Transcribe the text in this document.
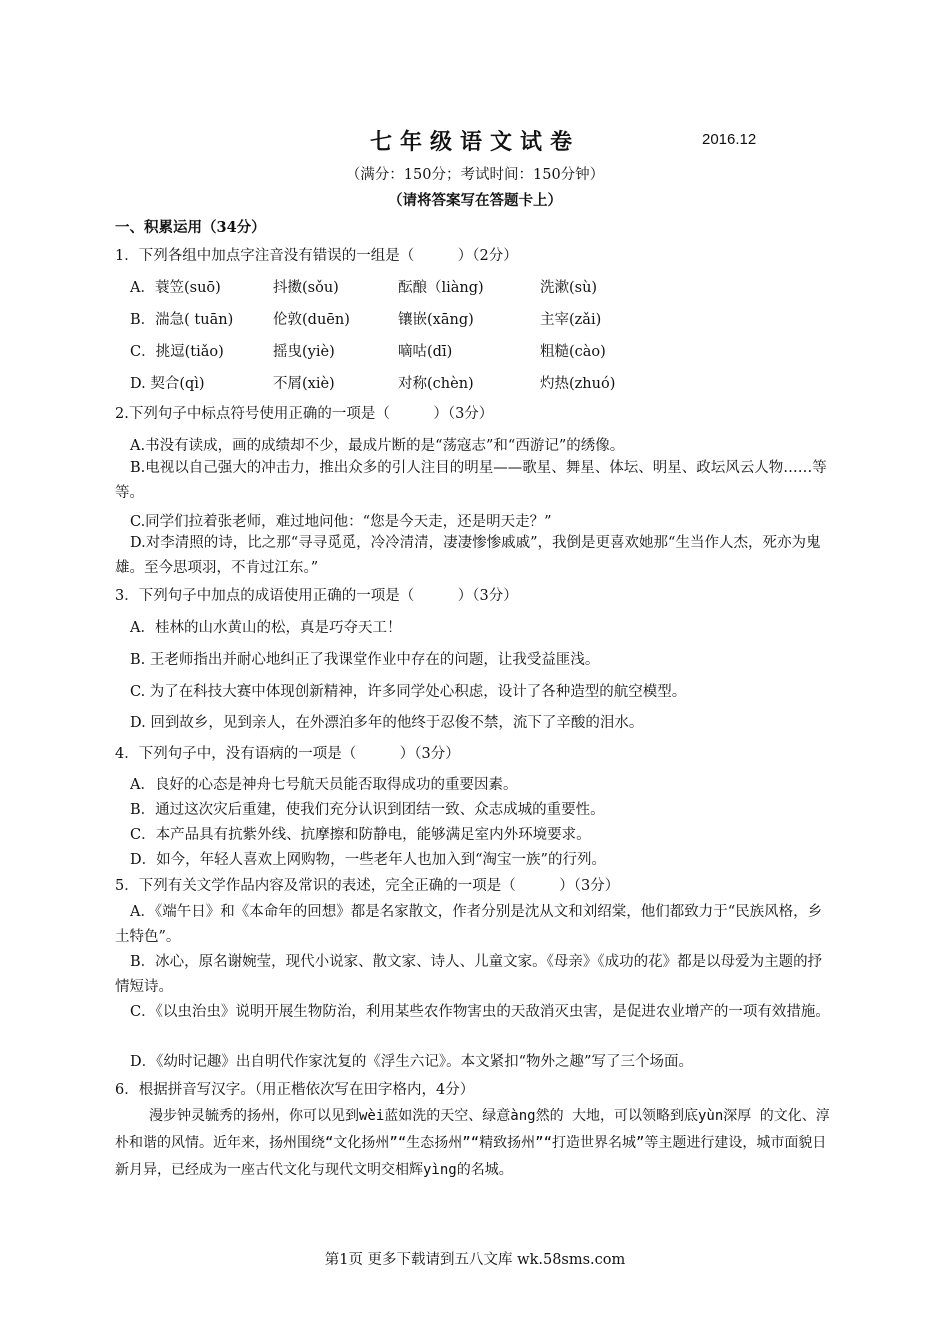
七年级语文试卷	2016.12
（满分：150分；考试时间：150分钟）
（请将答案写在答题卡上）
一、积累运用（34分）
1．下列各组中加点字注音没有错误的一组是（　　　）（2分）
A．蓑笠(suō)	抖擞(sǒu)	酝酿（liàng)	洗漱(sù)
B．湍急( tuān)	伦敦(duēn)	镶嵌(xāng)	主宰(zǎi)
C．挑逗(tiǎo)	摇曳(yiè)	嘀咕(dī)	粗糙(cào)
D. 契合(qì)	不屑(xiè)	对称(chèn)	灼热(zhuó)
2.下列句子中标点符号使用正确的一项是（　　　）（3分）
A.书没有读成，画的成绩却不少，最成片断的是“荡寇志”和“西游记”的绣像。
B.电视以自己强大的冲击力，推出众多的引人注目的明星——歌星、舞星、体坛、明星、政坛风云人物……等等。
C.同学们拉着张老师，难过地问他：“您是今天走，还是明天走？”
D.对李清照的诗，比之那“寻寻觅觅，冷冷清清，凄凄惨惨戚戚”，我倒是更喜欢她那“生当作人杰，死亦为鬼雄。至今思项羽，不肯过江东。”
3．下列句子中加点的成语使用正确的一项是（　　　）（3分）
A．桂林的山水黄山的松，真是巧夺天工！
B. 王老师指出并耐心地纠正了我课堂作业中存在的问题，让我受益匪浅。
C. 为了在科技大赛中体现创新精神，许多同学处心积虑，设计了各种造型的航空模型。
D. 回到故乡，见到亲人，在外漂泊多年的他终于忍俊不禁，流下了辛酸的泪水。
4．下列句子中，没有语病的一项是（　　　）（3分）
A．良好的心态是神舟七号航天员能否取得成功的重要因素。
B．通过这次灾后重建，使我们充分认识到团结一致、众志成城的重要性。
C．本产品具有抗紫外线、抗摩擦和防静电，能够满足室内外环境要求。
D．如今，年轻人喜欢上网购物，一些老年人也加入到“淘宝一族”的行列。
5．下列有关文学作品内容及常识的表述，完全正确的一项是（　　　）（3分）
A．《端午日》和《本命年的回想》都是名家散文，作者分别是沈从文和刘绍棠，他们都致力于“民族风格，乡土特色”。
B．冰心，原名谢婉莹，现代小说家、散文家、诗人、儿童文家。《母亲》《成功的花》都是以母爱为主题的抒情短诗。
C．《以虫治虫》说明开展生物防治，利用某些农作物害虫的天敌消灭虫害，是促进农业增产的一项有效措施。
D．《幼时记趣》出自明代作家沈复的《浮生六记》。本文紧扣“物外之趣”写了三个场面。
6．根据拼音写汉字。（用正楷依次写在田字格内，4分）
漫步钟灵毓秀的扬州，你可以见到wèi蓝如洗的天空、绿意àng然的 大地，可以领略到底yùn深厚 的文化、淳朴和谐的风情。近年来，扬州围绕“文化扬州”“生态扬州”“精致扬州”“打造世界名城”等主题进行建设，城市面貌日新月异，已经成为一座古代文化与现代文明交相辉yìng的名城。
第1页 更多下载请到五八文库 wk.58sms.com
